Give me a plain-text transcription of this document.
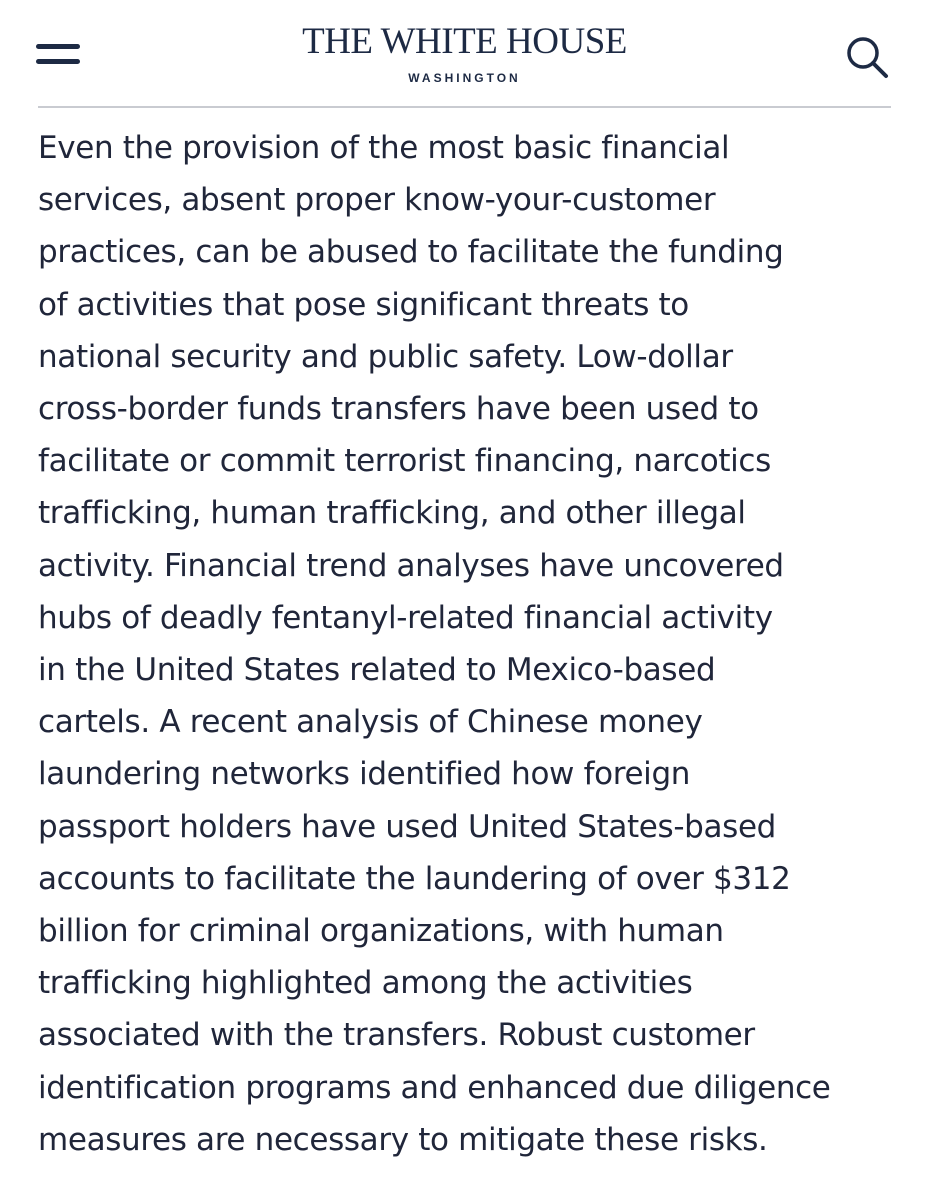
THE WHITE HOUSE
WASHINGTON
Even the provision of the most basic financial
services, absent proper know-your-customer
practices, can be abused to facilitate the funding
of activities that pose significant threats to
national security and public safety. Low-dollar
cross-border funds transfers have been used to
facilitate or commit terrorist financing, narcotics
trafficking, human trafficking, and other illegal
activity. Financial trend analyses have uncovered
hubs of deadly fentanyl-related financial activity
in the United States related to Mexico-based
cartels. A recent analysis of Chinese money
laundering networks identified how foreign
passport holders have used United States-based
accounts to facilitate the laundering of over $312
billion for criminal organizations, with human
trafficking highlighted among the activities
associated with the transfers. Robust customer
identification programs and enhanced due diligence
measures are necessary to mitigate these risks.
